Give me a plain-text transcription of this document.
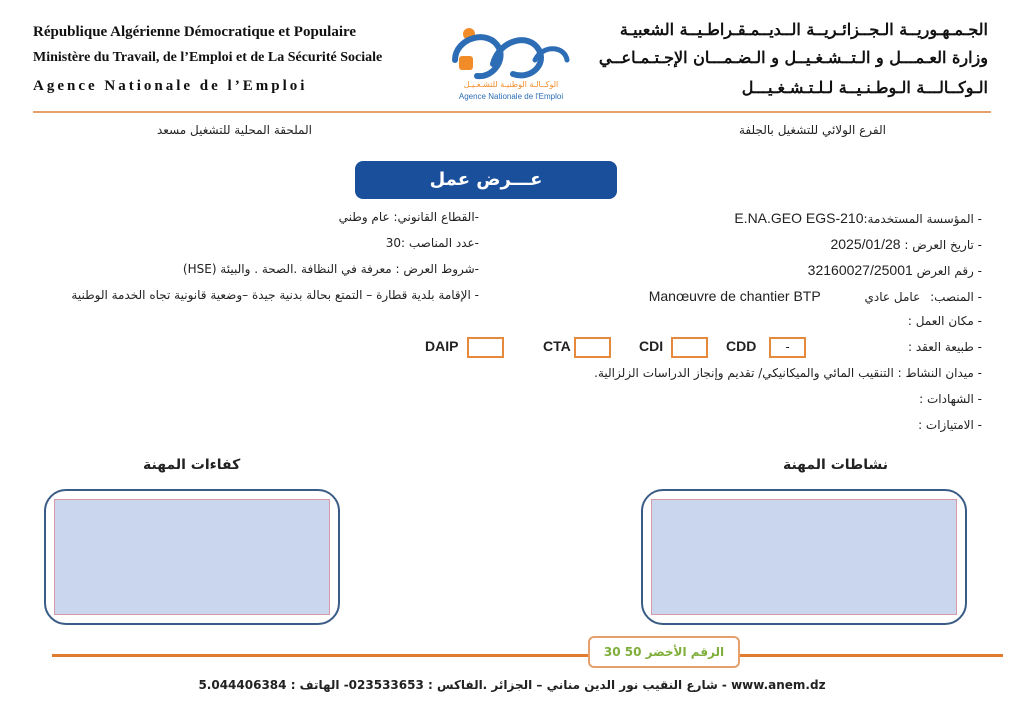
République Algérienne Démocratique et Populaire
Ministère du Travail, de l’Emploi et de La Sécurité Sociale
Agence Nationale de l’Emploi	الوكــالـة الوطنيـة للتشـغـيـل
Agence Nationale de l'Emploi
الجـمـهـوريــة الـجــزائـريــة الــديــمـقـراطـيــة الشعبيـة
وزارة العـمـــل و الـتــشـغـيــل و الـضـمـــان الإجـتـمـاعــي
الـوكــالـــة الـوطـنـيــة لـلـتـشـغـيـــل
الفرع الولائي للتشغيل بالجلفة
الملحقة المحلية للتشغيل مسعد
عـــرض عمل
- المؤسسة المستخدمة:E.NA.GEO EGS-210
- تاريخ العرض : 2025/01/28
- رقم العرض 32160027/25001
- المنصب: عامل عادي Manœuvre de chantier BTP
- مكان العمل :
- طبيعة العقد :
- ميدان النشاط : التنقيب المائي والميكانيكي/ تقديم وإنجاز الدراسات الزلزالية.
- الشهادات :
- الامتيازات :
-القطاع القانوني: عام وطني
-عدد المناصب :30
-شروط العرض : معرفة في النظافة .الصحة . والبيئة (HSE)
- الإقامة بلدية قطارة – التمتع بحالة بدنية جيدة –وضعية قانونية تجاه الخدمة الوطنية
CDD	-
CDI
CTA
DAIP
نشاطات المهنة
كفاءات المهنة
الرقم الأخضر 50 30
5.شارع النقيب نور الدين مناني – الجزائر .الفاكس : 023533653- الهاتف : 044406384 - www.anem.dz
